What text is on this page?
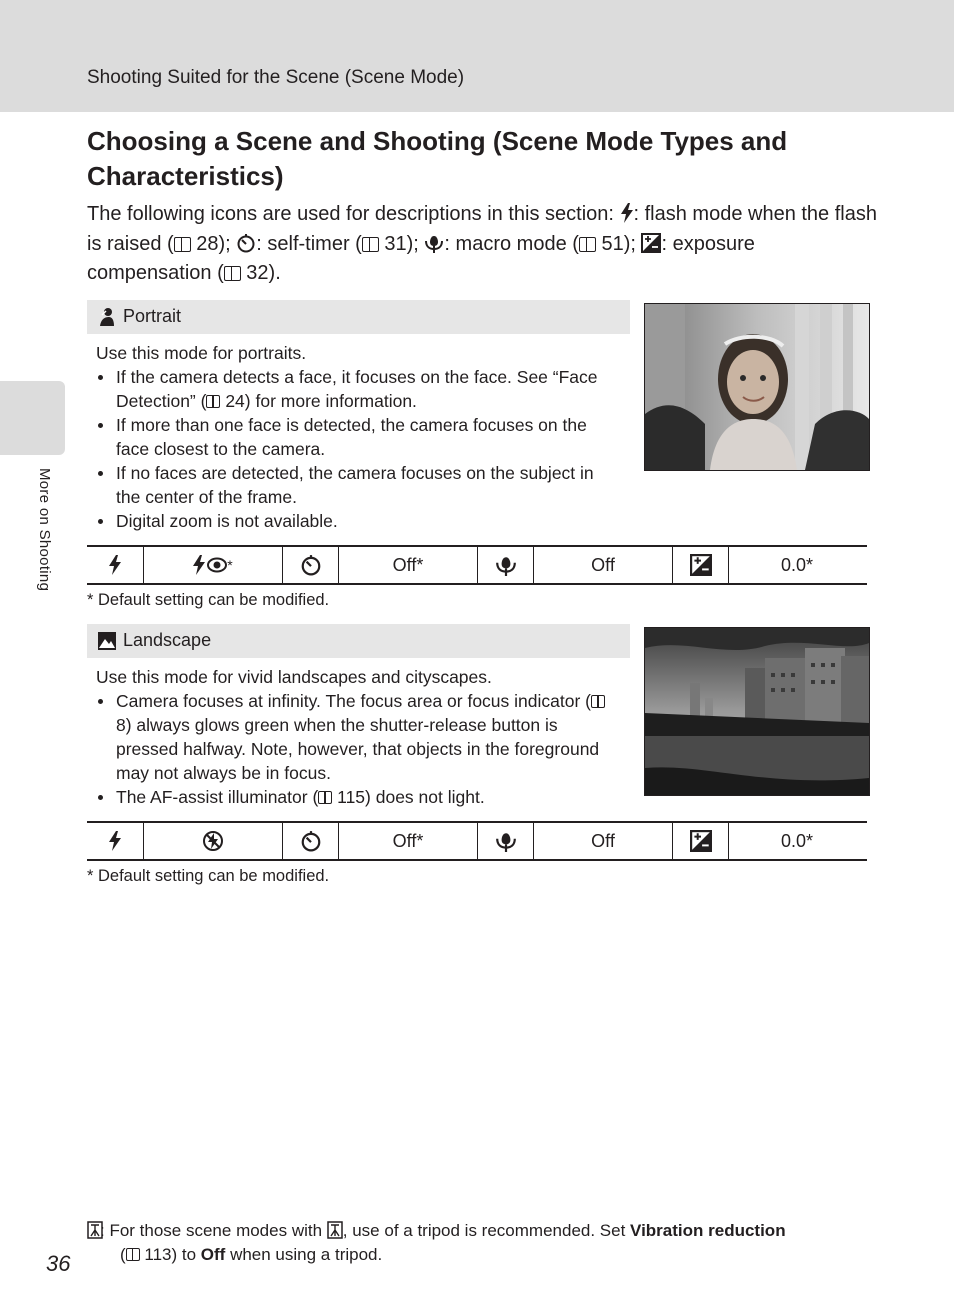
Shooting Suited for the Scene (Scene Mode)
More on Shooting
Choosing a Scene and Shooting (Scene Mode Types and Characteristics)

The following icons are used for descriptions in this section:
: flash mode when the flash is raised ( 28);
: self-timer ( 31);
: macro mode ( 51);
: exposure compensation ( 32).

Portrait

Use this mode for portraits.

If the camera detects a face, it focuses on the face. See “Face Detection” ( 24) for more information.
If more than one face is detected, the camera focuses on the face closest to the camera.
If no faces are detected, the camera focuses on the subject in the center of the frame.
Digital zoom is not available.
*	Off*	Off	0.0*
* Default setting can be modified.
Landscape

Use this mode for vivid landscapes and cityscapes.

Camera focuses at infinity. The focus area or focus indicator ( 8) always glows green when the shutter-release button is pressed halfway. Note, however, that objects in the foreground may not always be in focus.
The AF-assist illuminator ( 115) does not light.
Off*	Off	0.0*
* Default setting can be modified.
: For those scene modes with , use of a tripod is recommended. Set Vibration reduction
( 113) to Off when using a tripod.
36
